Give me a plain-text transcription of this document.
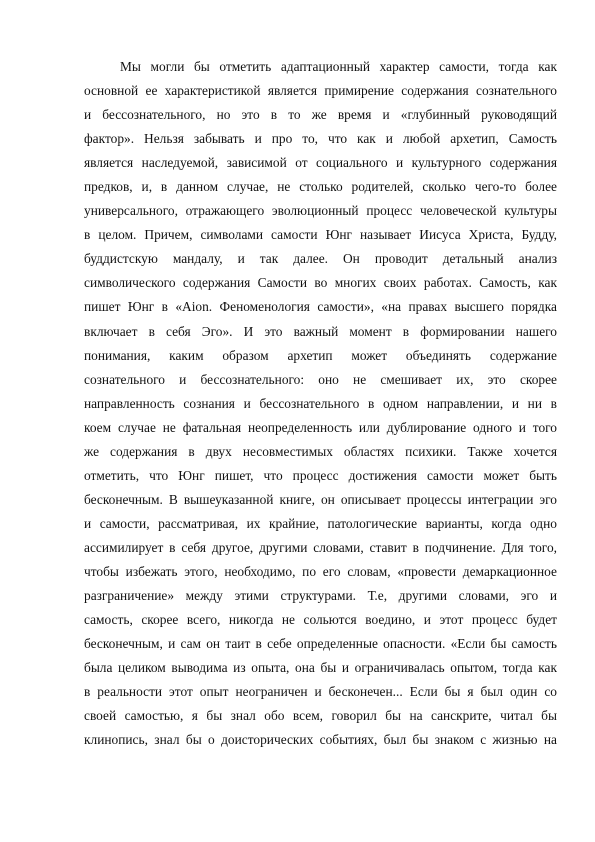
Мы могли бы отметить адаптационный характер самости, тогда как
основной ее характеристикой является примирение содержания сознательного
и бессознательного, но это в то же время и «глубинный руководящий
фактор». Нельзя забывать и про то, что как и любой архетип, Самость
является наследуемой, зависимой от социального и культурного содержания
предков, и, в данном случае, не столько родителей, сколько чего-то более
универсального, отражающего эволюционный процесс человеческой культуры
в целом. Причем, символами самости Юнг называет Иисуса Христа, Будду,
буддистскую мандалу, и так далее. Он проводит детальный анализ
символического содержания Самости во многих своих работах. Самость, как
пишет Юнг в «Aion. Феноменология самости», «на правах высшего порядка
включает в себя Эго». И это важный момент в формировании нашего
понимания, каким образом архетип может объединять содержание
сознательного и бессознательного: оно не смешивает их, это скорее
направленность сознания и бессознательного в одном направлении, и ни в
коем случае не фатальная неопределенность или дублирование одного и того
же содержания в двух несовместимых областях психики. Также хочется
отметить, что Юнг пишет, что процесс достижения самости может быть
бесконечным. В вышеуказанной книге, он описывает процессы интеграции эго
и самости, рассматривая, их крайние, патологические варианты, когда одно
ассимилирует в себя другое, другими словами, ставит в подчинение. Для того,
чтобы избежать этого, необходимо, по его словам, «провести демаркационное
разграничение» между этими структурами. Т.е, другими словами, эго и
самость, скорее всего, никогда не сольются воедино, и этот процесс будет
бесконечным, и сам он таит в себе определенные опасности. «Если бы самость
была целиком выводима из опыта, она бы и ограничивалась опытом, тогда как
в реальности этот опыт неограничен и бесконечен... Если бы я был один со
своей самостью, я бы знал обо всем, говорил бы на санскрите, читал бы
клинопись, знал бы о доисторических событиях, был бы знаком с жизнью на
